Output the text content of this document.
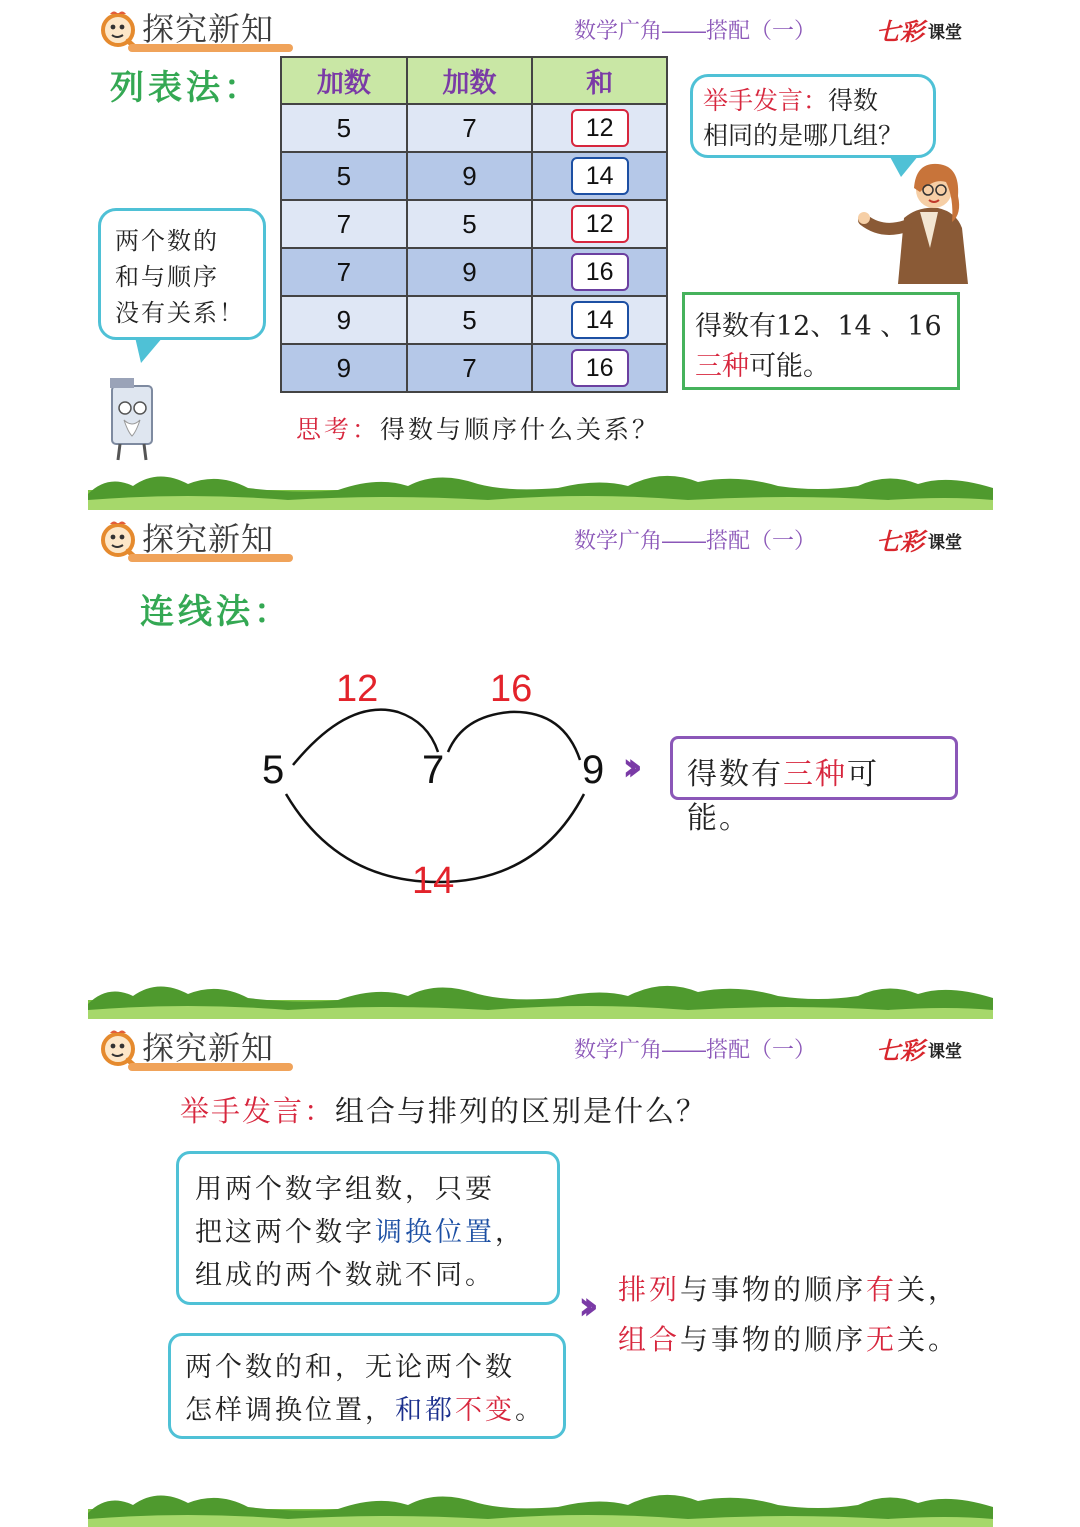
探究新知	数学广角——搭配（一） 七彩 课堂
列表法： 加数	加数	和
5	7	12
5	9	14
7	5	12
7	9	16
9	5	14
9	7	16
举手发言：得数
相同的是哪几组？
两个数的
和与顺序
没有关系！	得数有12、14 、16
三种可能。
思考：得数与顺序什么关系？
探究新知	数学广角——搭配（一） 七彩 课堂
连线法：
12	16
14
5	7	9 ››	得数有三种可能。
探究新知	数学广角——搭配（一） 七彩 课堂
举手发言：组合与排列的区别是什么？
用两个数字组数，只要
把这两个数字调换位置，
组成的两个数就不同。
两个数的和，无论两个数
怎样调换位置，和都不变。
›› 排列与事物的顺序有关，
组合与事物的顺序无关。
